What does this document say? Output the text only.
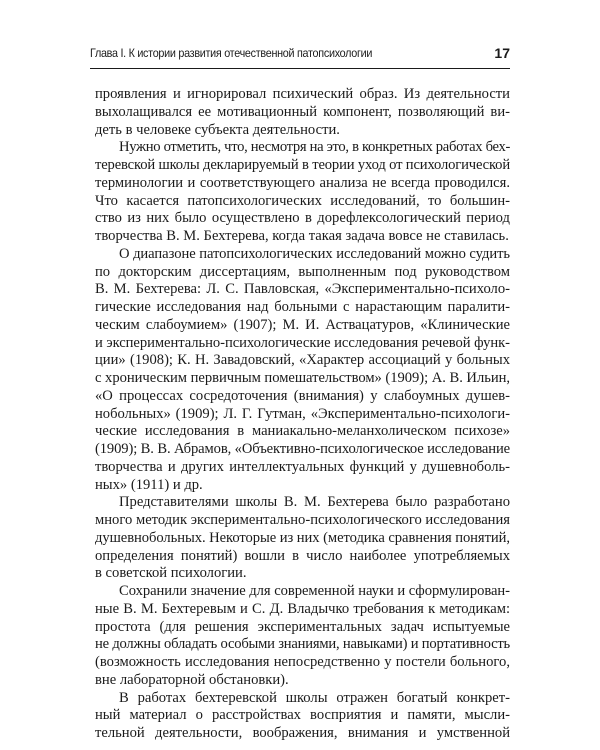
Глава I. К истории развития отечественной патопсихологии	17
проявления и игнорировал психический образ. Из деятельности
выхолащивался ее мотивационный компонент, позволяющий ви-
деть в человеке субъекта деятельности.
Нужно отметить, что, несмотря на это, в конкретных работах бех-
теревской школы декларируемый в теории уход от психологической
терминологии и соответствующего анализа не всегда проводился.
Что касается патопсихологических исследований, то большин-
ство из них было осуществлено в дорефлексологический период
творчества В. М. Бехтерева, когда такая задача вовсе не ставилась.
О диапазоне патопсихологических исследований можно судить
по докторским диссертациям, выполненным под руководством
В. М. Бехтерева: Л. С. Павловская, «Экспериментально-психоло-
гические исследования над больными с нарастающим паралити-
ческим слабоумием» (1907); М. И. Аствацатуров, «Клинические
и экспериментально-психологические исследования речевой функ-
ции» (1908); К. Н. Завадовский, «Характер ассоциаций у больных
с хроническим первичным помешательством» (1909); А. В. Ильин,
«О процессах сосредоточения (внимания) у слабоумных душев-
нобольных» (1909); Л. Г. Гутман, «Экспериментально-психологи-
ческие исследования в маниакально-меланхолическом психозе»
(1909); В. В. Абрамов, «Объективно-психологическое исследование
творчества и других интеллектуальных функций у душевноболь-
ных» (1911) и др.
Представителями школы В. М. Бехтерева было разработано
много методик экспериментально-психологического исследования
душевнобольных. Некоторые из них (методика сравнения понятий,
определения понятий) вошли в число наиболее употребляемых
в советской психологии.
Сохранили значение для современной науки и сформулирован-
ные В. М. Бехтеревым и С. Д. Владычко требования к методикам:
простота (для решения экспериментальных задач испытуемые
не должны обладать особыми знаниями, навыками) и портативность
(возможность исследования непосредственно у постели больного,
вне лабораторной обстановки).
В работах бехтеревской школы отражен богатый конкрет-
ный материал о расстройствах восприятия и памяти, мысли-
тельной деятельности, воображения, внимания и умственной
